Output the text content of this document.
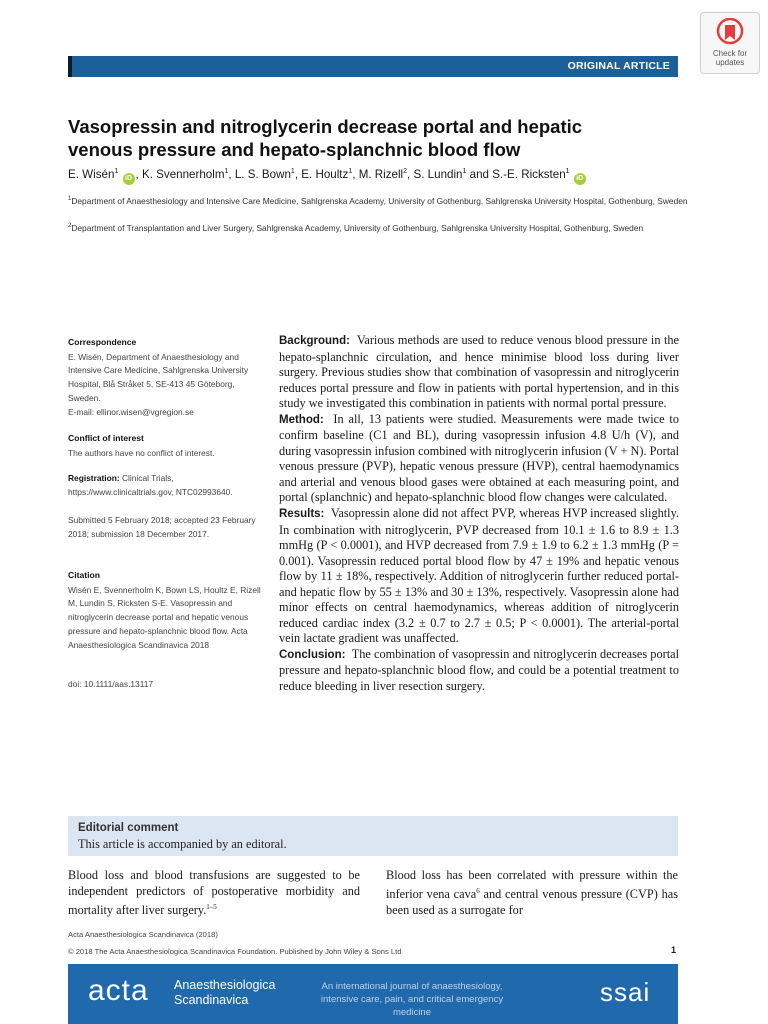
Check for
updates
ORIGINAL ARTICLE
Vasopressin and nitroglycerin decrease portal and hepatic
venous pressure and hepato-splanchnic blood flow
E. Wisén$^1$ iD , K. Svennerholm$^1$, L. S. Bown$^1$, E. Houltz$^1$, M. Rizell$^2$, S. Lundin$^1$ and S.-E. Ricksten$^1$ iD
$^1$Department of Anaesthesiology and Intensive Care Medicine, Sahlgrenska Academy, University of Gothenburg, Sahlgrenska University Hospital, Gothenburg, Sweden
$^2$Department of Transplantation and Liver Surgery, Sahlgrenska Academy, University of Gothenburg, Sahlgrenska University Hospital, Gothenburg, Sweden
Correspondence
E. Wisén, Department of Anaesthesiology and Intensive Care Medicine, Sahlgrenska University Hospital, Blå Stråket 5, SE-413 45 Göteborg, Sweden.
E-mail: ellinor.wisen@vgregion.se
Conflict of interest
The authors have no conflict of interest.
Registration: Clinical Trials, https://www.clinicaltrials.gov, NTC02993640.
Submitted 5 February 2018; accepted 23 February 2018; submission 18 December 2017.
Citation
Wisén E, Svennerholm K, Bown LS, Houltz E, Rizell M, Lundin S, Ricksten S-E. Vasopressin and nitroglycerin decrease portal and hepatic venous pressure and hepato-splanchnic blood flow. Acta Anaesthesiologica Scandinavica 2018
doi: 10.1111/aas.13117

Background: Various methods are used to reduce venous blood pressure in the hepato-splanchnic circulation, and hence minimise blood loss during liver surgery. Previous studies show that combination of vasopressin and nitroglycerin reduces portal pressure and flow in patients with portal hypertension, and in this study we investigated this combination in patients with normal portal pressure.

Method: In all, 13 patients were studied. Measurements were made twice to confirm baseline (C1 and BL), during vasopressin infusion 4.8 U/h (V), and during vasopressin infusion combined with nitroglycerin infusion (V + N). Portal venous pressure (PVP), hepatic venous pressure (HVP), central haemodynamics and arterial and venous blood gases were obtained at each measuring point, and portal (splanchnic) and hepato-splanchnic blood flow changes were calculated.

Results: Vasopressin alone did not affect PVP, whereas HVP increased slightly. In combination with nitroglycerin, PVP decreased from 10.1 ± 1.6 to 8.9 ± 1.3 mmHg (P < 0.0001), and HVP decreased from 7.9 ± 1.9 to 6.2 ± 1.3 mmHg (P = 0.001). Vasopressin reduced portal blood flow by 47 ± 19% and hepatic venous flow by 11 ± 18%, respectively. Addition of nitroglycerin further reduced portal- and hepatic flow by 55 ± 13% and 30 ± 13%, respectively. Vasopressin alone had minor effects on central haemodynamics, whereas addition of nitroglycerin reduced cardiac index (3.2 ± 0.7 to 2.7 ± 0.5; P < 0.0001). The arterial-portal vein lactate gradient was unaffected.

Conclusion: The combination of vasopressin and nitroglycerin decreases portal pressure and hepato-splanchnic blood flow, and could be a potential treatment to reduce bleeding in liver resection surgery.

Editorial comment
This article is accompanied by an editoral.
Blood loss and blood transfusions are suggested to be independent predictors of postoperative morbidity and mortality after liver surgery.$^{1-5}$
Blood loss has been correlated with pressure within the inferior vena cava$^6$ and central venous pressure (CVP) has been used as a surrogate for
Acta Anaesthesiologica Scandinavica (2018)
© 2018 The Acta Anaesthesiologica Scandinavica Foundation. Published by John Wiley & Sons Ltd	1
acta Anaesthesiologica
Scandinavica
An international journal of anaesthesiology, intensive care, pain, and critical emergency medicine
ssai
